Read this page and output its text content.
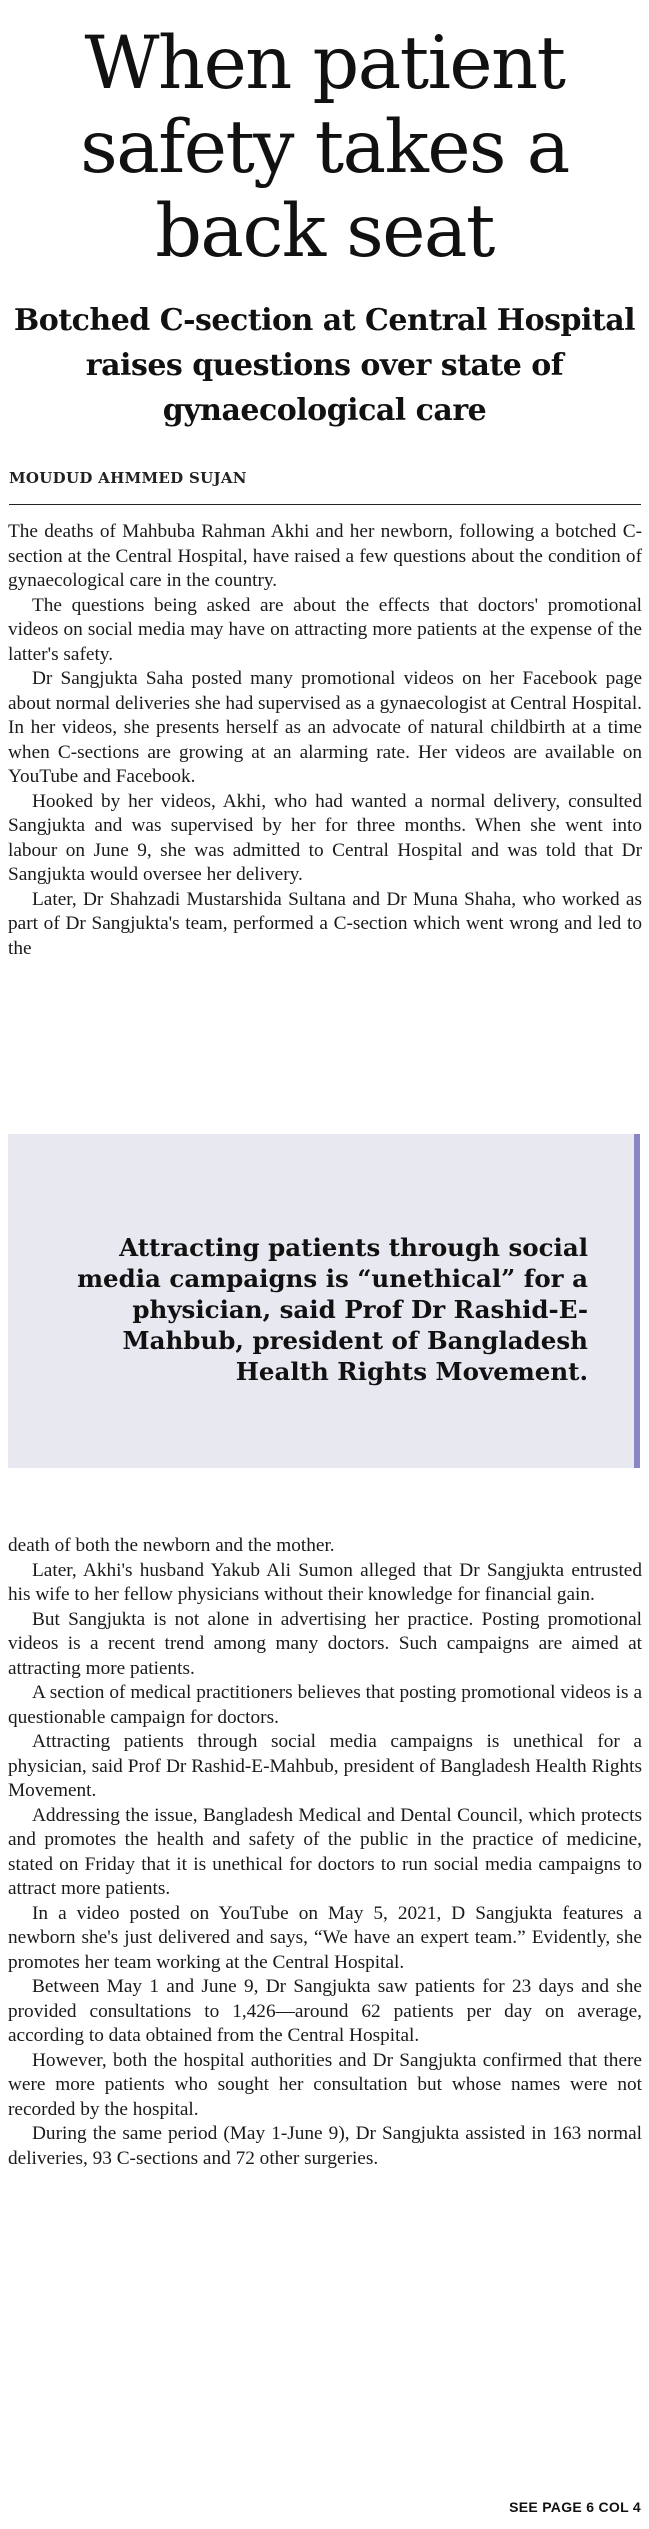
When patient safety takes a back seat
Botched C-section at Central Hospital raises questions over state of gynaecological care
MOUDUD AHMMED SUJAN

The deaths of Mahbuba Rahman Akhi and her newborn, following a botched C-section at the Central Hospital, have raised a few questions about the condition of gynaecological care in the country.

The questions being asked are about the effects that doctors' promotional videos on social media may have on attracting more patients at the expense of the latter's safety.

Dr Sangjukta Saha posted many promotional videos on her Facebook page about normal deliveries she had supervised as a gynaecologist at Central Hospital. In her videos, she presents herself as an advocate of natural childbirth at a time when C-sections are growing at an alarming rate. Her videos are available on YouTube and Facebook.

Hooked by her videos, Akhi, who had wanted a normal delivery, consulted Sangjukta and was supervised by her for three months. When she went into labour on June 9, she was admitted to Central Hospital and was told that Dr Sangjukta would oversee her delivery.

Later, Dr Shahzadi Mustarshida Sultana and Dr Muna Shaha, who worked as part of Dr Sangjukta's team, performed a C-section which went wrong and led to the

Attracting patients through social media campaigns is “unethical” for a physician, said Prof Dr Rashid-E-Mahbub, president of Bangladesh Health Rights Movement.

death of both the newborn and the mother.

Later, Akhi's husband Yakub Ali Sumon alleged that Dr Sangjukta entrusted his wife to her fellow physicians without their knowledge for financial gain.

But Sangjukta is not alone in advertising her practice. Posting promotional videos is a recent trend among many doctors. Such campaigns are aimed at attracting more patients.

A section of medical practitioners believes that posting promotional videos is a questionable campaign for doctors.

Attracting patients through social media campaigns is unethical for a physician, said Prof Dr Rashid-E-Mahbub, president of Bangladesh Health Rights Movement.

Addressing the issue, Bangladesh Medical and Dental Council, which protects and promotes the health and safety of the public in the practice of medicine, stated on Friday that it is unethical for doctors to run social media campaigns to attract more patients.

In a video posted on YouTube on May 5, 2021, D Sangjukta features a newborn she's just delivered and says, “We have an expert team.” Evidently, she promotes her team working at the Central Hospital.

Between May 1 and June 9, Dr Sangjukta saw patients for 23 days and she provided consultations to 1,426—around 62 patients per day on average, according to data obtained from the Central Hospital.

However, both the hospital authorities and Dr Sangjukta confirmed that there were more patients who sought her consultation but whose names were not recorded by the hospital.

During the same period (May 1-June 9), Dr Sangjukta assisted in 163 normal deliveries, 93 C-sections and 72 other surgeries.

SEE PAGE 6 COL 4
